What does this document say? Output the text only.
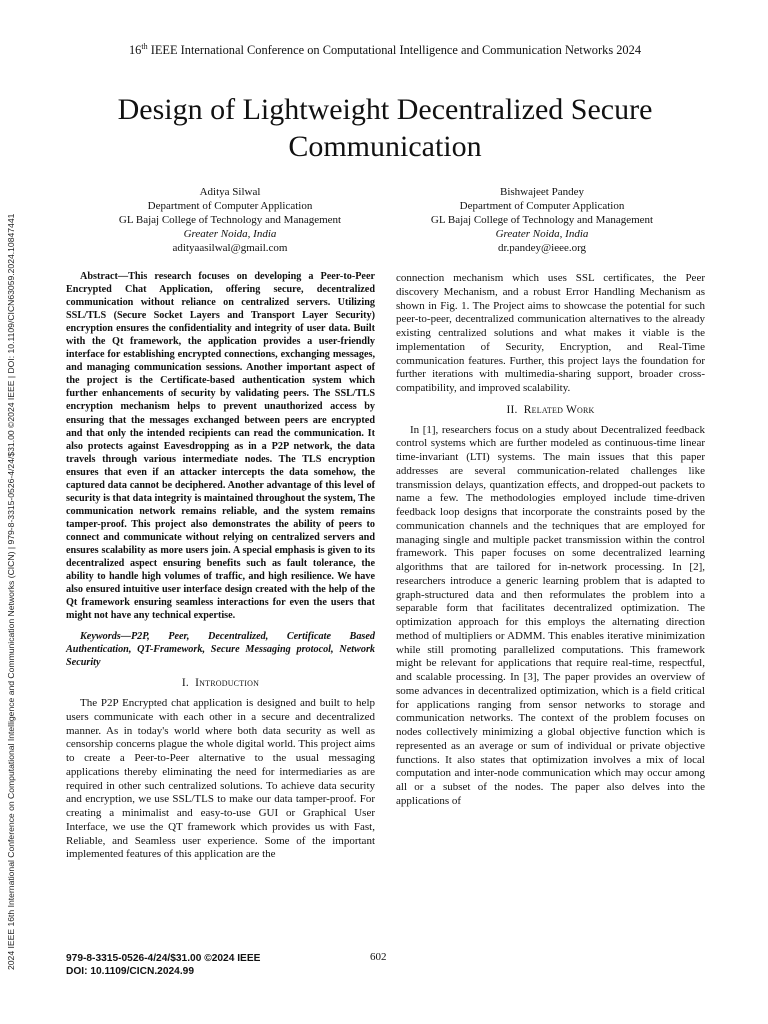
2024 IEEE 16th International Conference on Computational Intelligence and Communication Networks (CICN) | 979-8-3315-0526-4/24/$31.00 ©2024 IEEE | DOI: 10.1109/CICN63059.2024.10847441
16th IEEE International Conference on Computational Intelligence and Communication Networks 2024
Design of Lightweight Decentralized Secure
Communication
Aditya Silwal
Department of Computer Application
GL Bajaj College of Technology and Management
Greater Noida, India
adityaasilwal@gmail.com
Bishwajeet Pandey
Department of Computer Application
GL Bajaj College of Technology and Management
Greater Noida, India
dr.pandey@ieee.org

Abstract—This research focuses on developing a Peer-to-Peer Encrypted Chat Application, offering secure, decentralized communication without reliance on centralized servers. Utilizing SSL/TLS (Secure Socket Layers and Transport Layer Security) encryption ensures the confidentiality and integrity of user data. Built with the Qt framework, the application provides a user-friendly interface for establishing encrypted connections, exchanging messages, and managing communication sessions. Another important aspect of the project is the Certificate-based authentication system which further enhancements of security by validating peers. The SSL/TLS encryption mechanism helps to prevent unauthorized access by ensuring that the messages exchanged between peers are encrypted and that only the intended recipients can read the communication. It also protects against Eavesdropping as in a P2P network, the data travels through various intermediate nodes. The TLS encryption ensures that even if an attacker intercepts the data somehow, the captured data cannot be deciphered. Another advantage of this level of security is that data integrity is maintained throughout the system, The communication network remains reliable, and the system remains tamper-proof. This project also demonstrates the ability of peers to connect and communicate without relying on centralized servers and ensures scalability as more users join. A special emphasis is given to its decentralized aspect ensuring benefits such as fault tolerance, the ability to handle high volumes of traffic, and high resilience. We have also ensured intuitive user interface design created with the help of the Qt framework ensuring seamless interactions for even the users that might not have any technical expertise.

Keywords—P2P, Peer, Decentralized, Certificate Based Authentication, QT-Framework, Secure Messaging protocol, Network Security

I. Introduction

The P2P Encrypted chat application is designed and built to help users communicate with each other in a secure and decentralized manner. As in today's world where both data security as well as censorship concerns plague the whole digital world. This project aims to create a Peer-to-Peer alternative to the usual messaging applications thereby eliminating the need for intermediaries as are required in other such centralized solutions. To achieve data security and encryption, we use SSL/TLS to make our data tamper-proof. For creating a minimalist and easy-to-use GUI or Graphical User Interface, we use the QT framework which provides us with Fast, Reliable, and Seamless user experience. Some of the important implemented features of this application are the

connection mechanism which uses SSL certificates, the Peer discovery Mechanism, and a robust Error Handling Mechanism as shown in Fig. 1. The Project aims to showcase the potential for such peer-to-peer, decentralized communication alternatives to the already existing centralized solutions and what makes it viable is the implementation of Security, Encryption, and Real-Time communication features. Further, this project lays the foundation for further iterations with multimedia-sharing support, broader cross-compatibility, and improved scalability.

II. Related Work

In [1], researchers focus on a study about Decentralized feedback control systems which are further modeled as continuous-time linear time-invariant (LTI) systems. The main issues that this paper addresses are several communication-related challenges like transmission delays, quantization effects, and dropped-out packets to name a few. The methodologies employed include time-driven feedback loop designs that incorporate the constraints posed by the communication channels and the techniques that are employed for managing single and multiple packet transmission within the control framework. This paper focuses on some decentralized learning algorithms that are tailored for in-network processing. In [2], researchers introduce a generic learning problem that is adapted to graph-structured data and then reformulates the problem into a separable form that facilitates decentralized optimization. The optimization approach for this employs the alternating direction method of multipliers or ADMM. This enables iterative minimization while still promoting parallelized computations. This framework might be relevant for applications that require real-time, respectful, and scalable processing. In [3], The paper provides an overview of some advances in decentralized optimization, which is a field critical for applications ranging from sensor networks to storage and communication networks. The context of the problem focuses on nodes collectively minimizing a global objective function which is represented as an average or sum of individual or private objective functions. It also states that optimization involves a mix of local computation and inter-node communication which may occur among all or a subset of the nodes. The paper also delves into the applications of

979-8-3315-0526-4/24/$31.00 ©2024 IEEE
DOI: 10.1109/CICN.2024.99
602
